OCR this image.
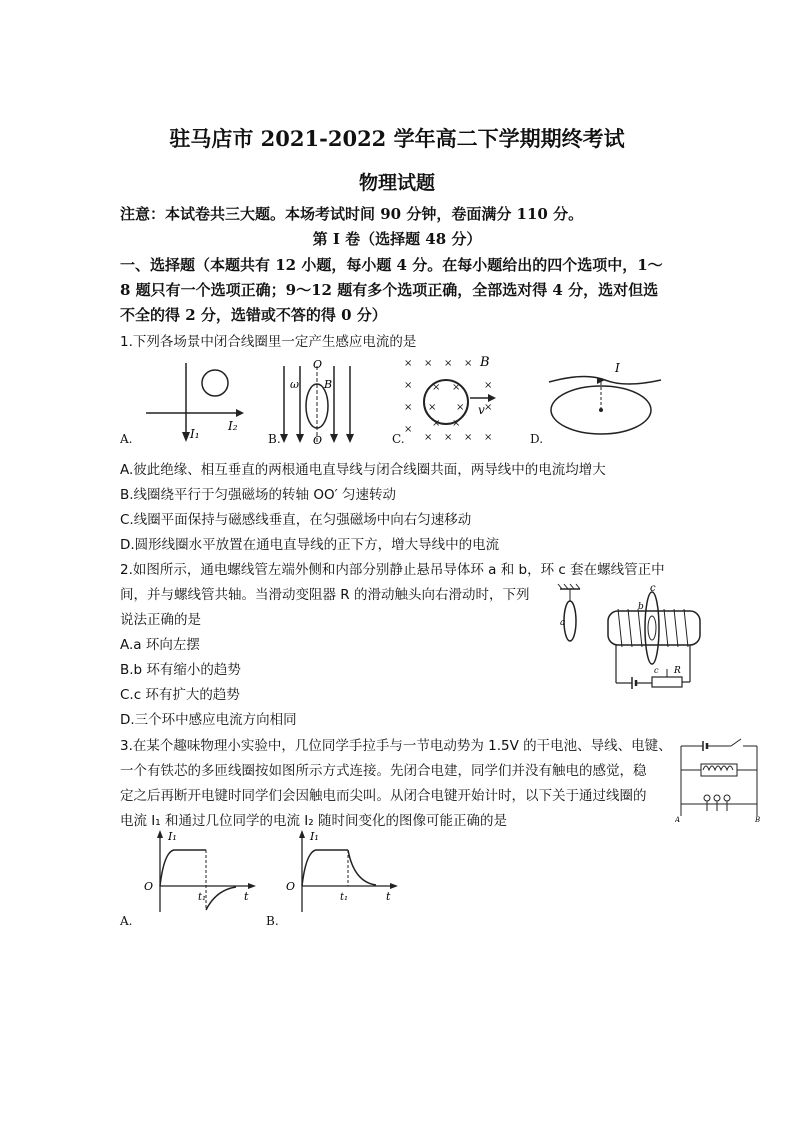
驻马店市 2021-2022 学年高二下学期期终考试
物理试题
注意：本试卷共三大题。本场考试时间 90 分钟，卷面满分 110 分。
第 I 卷（选择题 48 分）
一、选择题（本题共有 12 小题，每小题 4 分。在每小题给出的四个选项中，1～
8 题只有一个选项正确；9～12 题有多个选项正确，全部选对得 4 分，选对但选
不全的得 2 分，选错或不答的得 0 分）
1.下列各场景中闭合线圈里一定产生感应电流的是
I₁
I₂
A.
O
O
ω B
B.
× × × ×
×	×
×	×
×
× × × ×
× ×
× ×
× ×
v
B
C.
I
D.
A.彼此绝缘、相互垂直的两根通电直导线与闭合线圈共面，两导线中的电流均增大
B.线圈绕平行于匀强磁场的转轴 OO′ 匀速转动
C.线圈平面保持与磁感线垂直，在匀强磁场中向右匀速移动
D.圆形线圈水平放置在通电直导线的正下方，增大导线中的电流
2.如图所示，通电螺线管左端外侧和内部分别静止悬吊导体环 a 和 b，环 c 套在螺线管正中
间，并与螺线管共轴。当滑动变阻器 R 的滑动触头向右滑动时，下列
说法正确的是
A.a 环向左摆
B.b 环有缩小的趋势
C.c 环有扩大的趋势
D.三个环中感应电流方向相同
a
c
b
c R
3.在某个趣味物理小实验中，几位同学手拉手与一节电动势为 1.5V 的干电池、导线、电键、
一个有铁芯的多匝线圈按如图所示方式连接。先闭合电建，同学们并没有触电的感觉，稳
定之后再断开电键时同学们会因触电而尖叫。从闭合电键开始计时，以下关于通过线圈的
电流 I₁ 和通过几位同学的电流 I₂ 随时间变化的图像可能正确的是	A	B
I₁
O
t
t₁
A.
I₁
O
t
t₁
B.
